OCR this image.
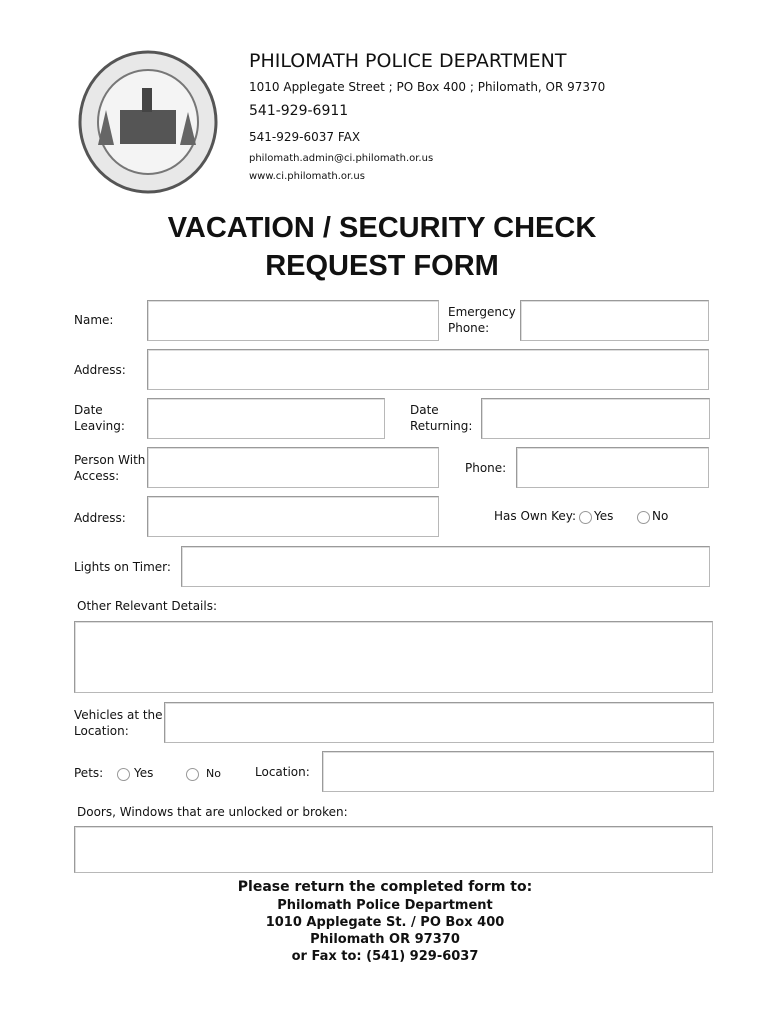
PHILOMATH POLICE DEPARTMENT
1010 Applegate Street ; PO Box 400 ; Philomath, OR 97370
541-929-6911
541-929-6037 FAX
philomath.admin@ci.philomath.or.us
www.ci.philomath.or.us
VACATION / SECURITY CHECK
REQUEST FORM
Name:
Emergency
Phone:
Address:
Date
Leaving:
Date
Returning:
Person With
Access:
Phone:
Address:	Has Own Key: Yes	No
Lights on Timer:
Other Relevant Details:
Vehicles at the
Location:
Pets:	Yes	No	Location:
Doors, Windows that are unlocked or broken:
Please return the completed form to:
Philomath Police Department
1010 Applegate St. / PO Box 400
Philomath OR 97370
or Fax to: (541) 929-6037
